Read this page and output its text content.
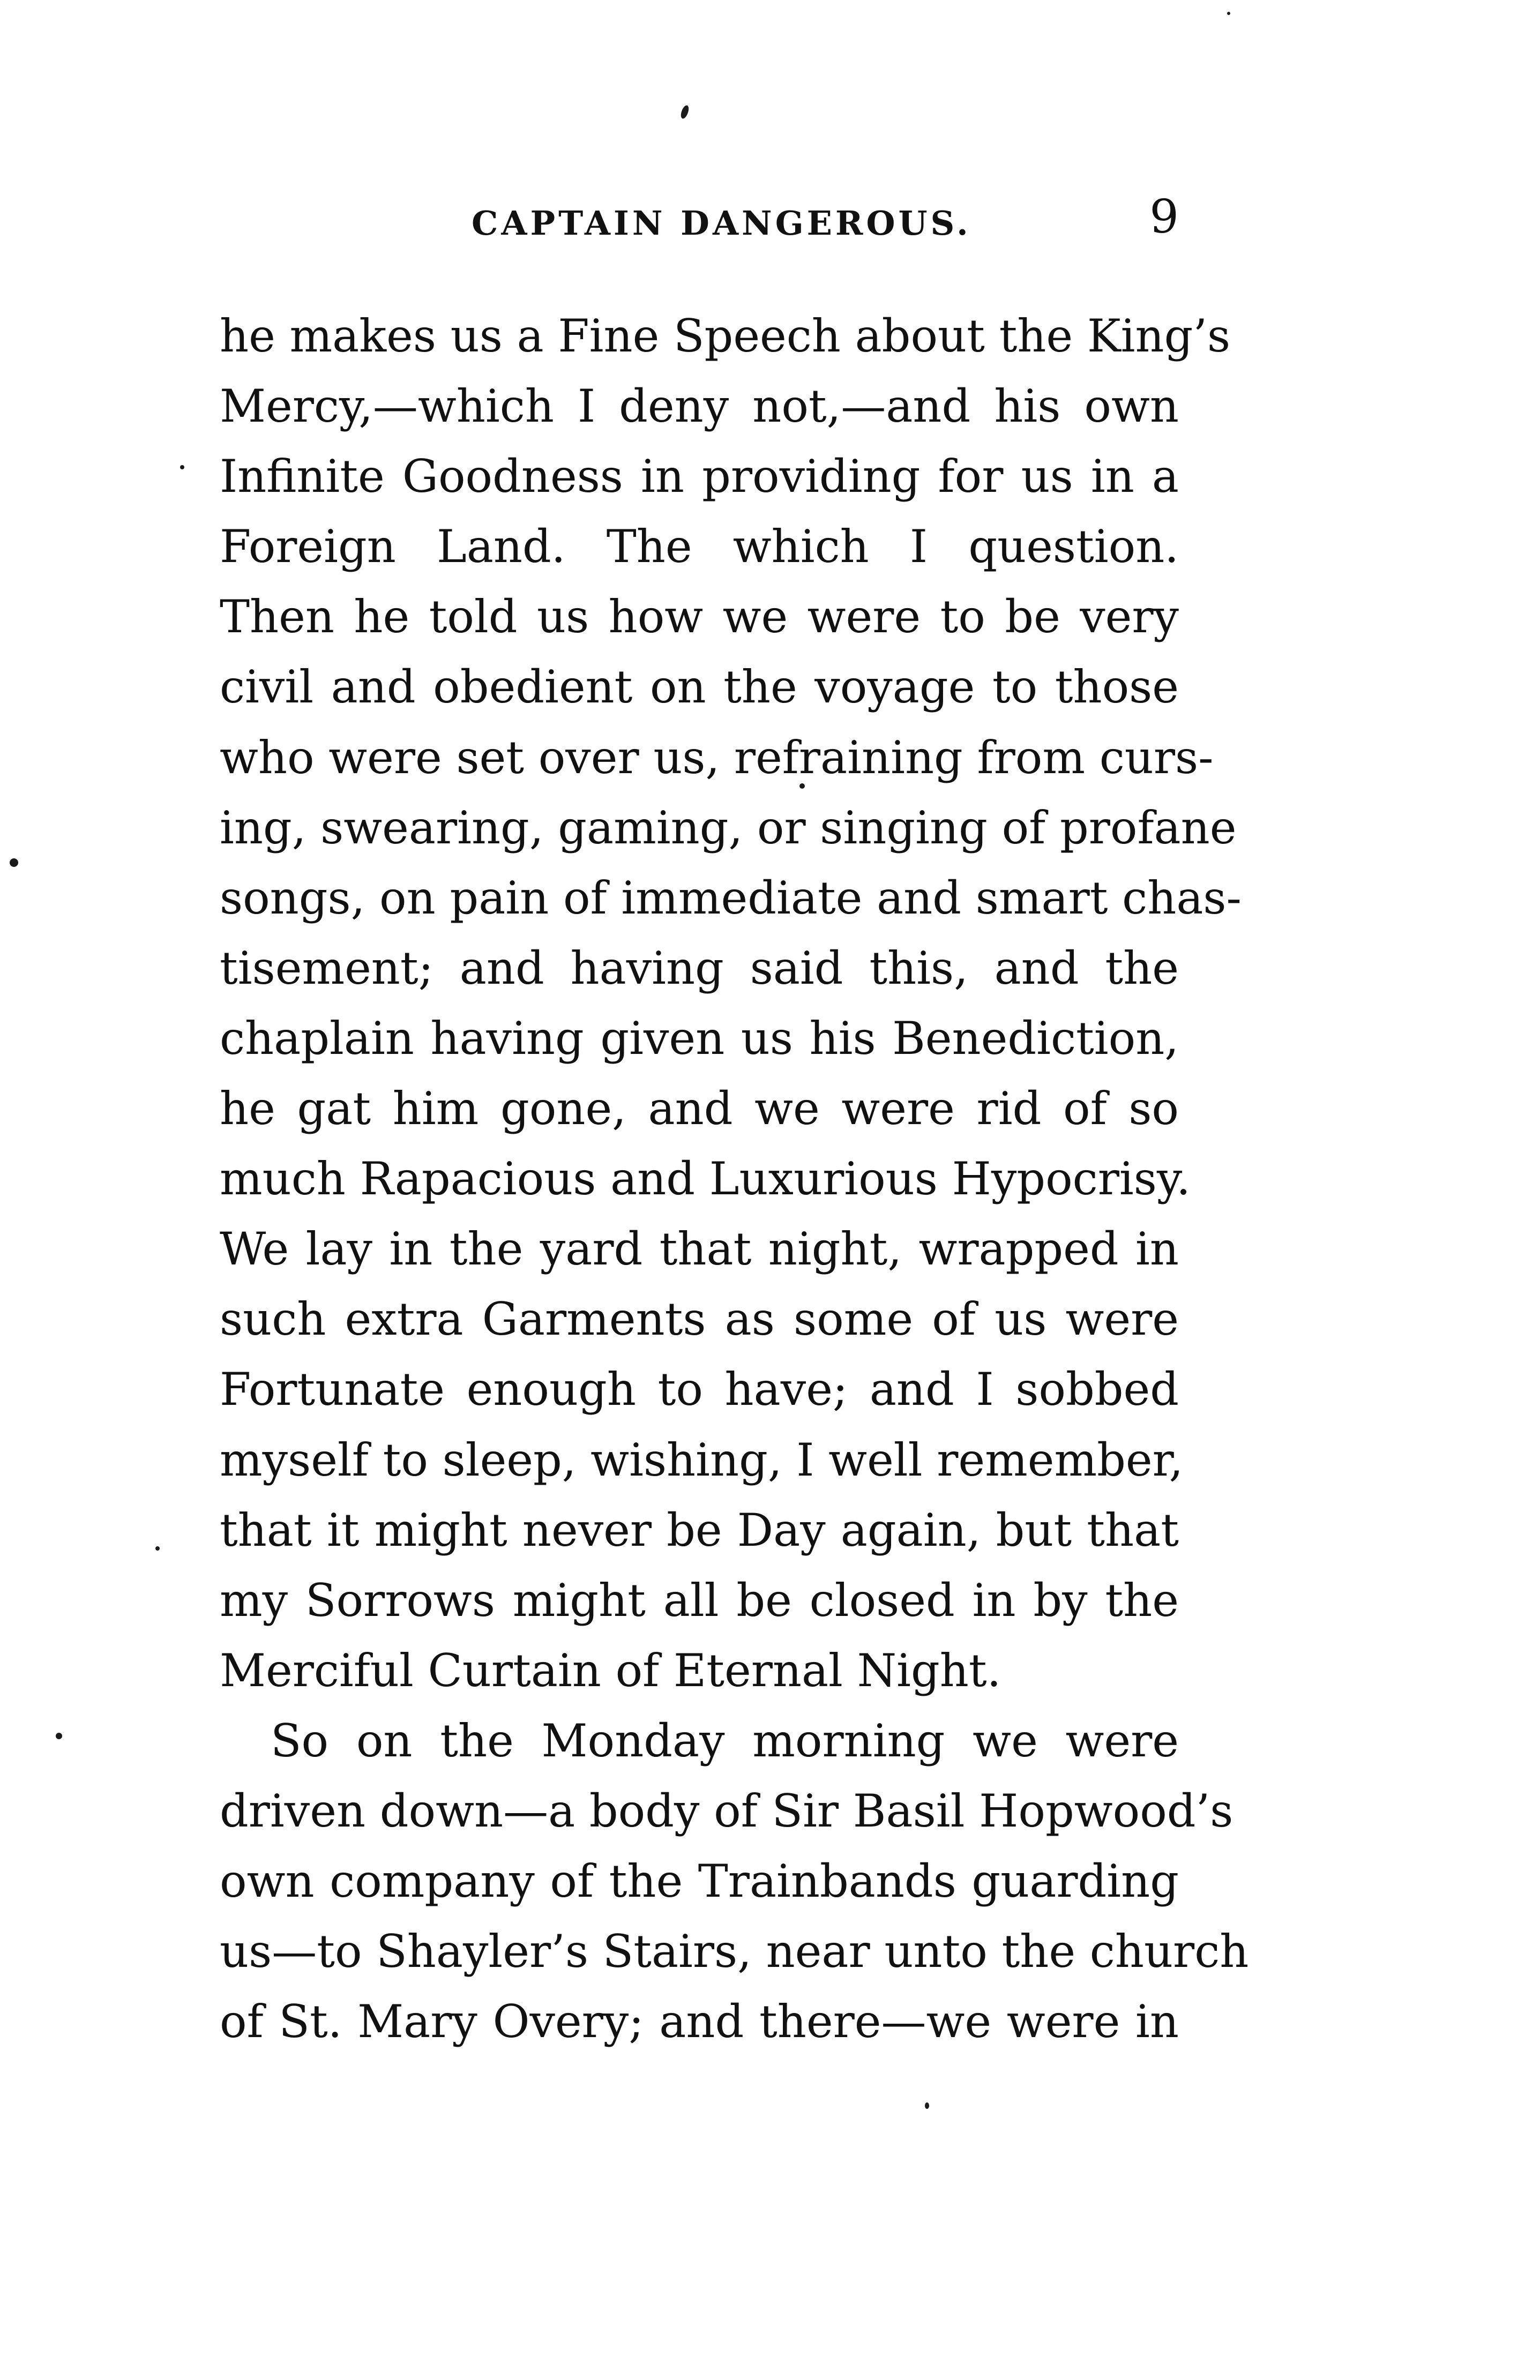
CAPTAIN DANGEROUS.	9
he makes us a Fine Speech about the King’s
Mercy,—which I deny not,—and his own
Infinite Goodness in providing for us in a
Foreign Land. The which I question.
Then he told us how we were to be very
civil and obedient on the voyage to those
who were set over us, refraining from curs-
ing, swearing, gaming, or singing of profane
songs, on pain of immediate and smart chas-
tisement; and having said this, and the
chaplain having given us his Benediction,
he gat him gone, and we were rid of so
much Rapacious and Luxurious Hypocrisy.
We lay in the yard that night, wrapped in
such extra Garments as some of us were
Fortunate enough to have; and I sobbed
myself to sleep, wishing, I well remember,
that it might never be Day again, but that
my Sorrows might all be closed in by the
Merciful Curtain of Eternal Night.
So on the Monday morning we were
driven down—a body of Sir Basil Hopwood’s
own company of the Trainbands guarding
us—to Shayler’s Stairs, near unto the church
of St. Mary Overy; and there—we were in
